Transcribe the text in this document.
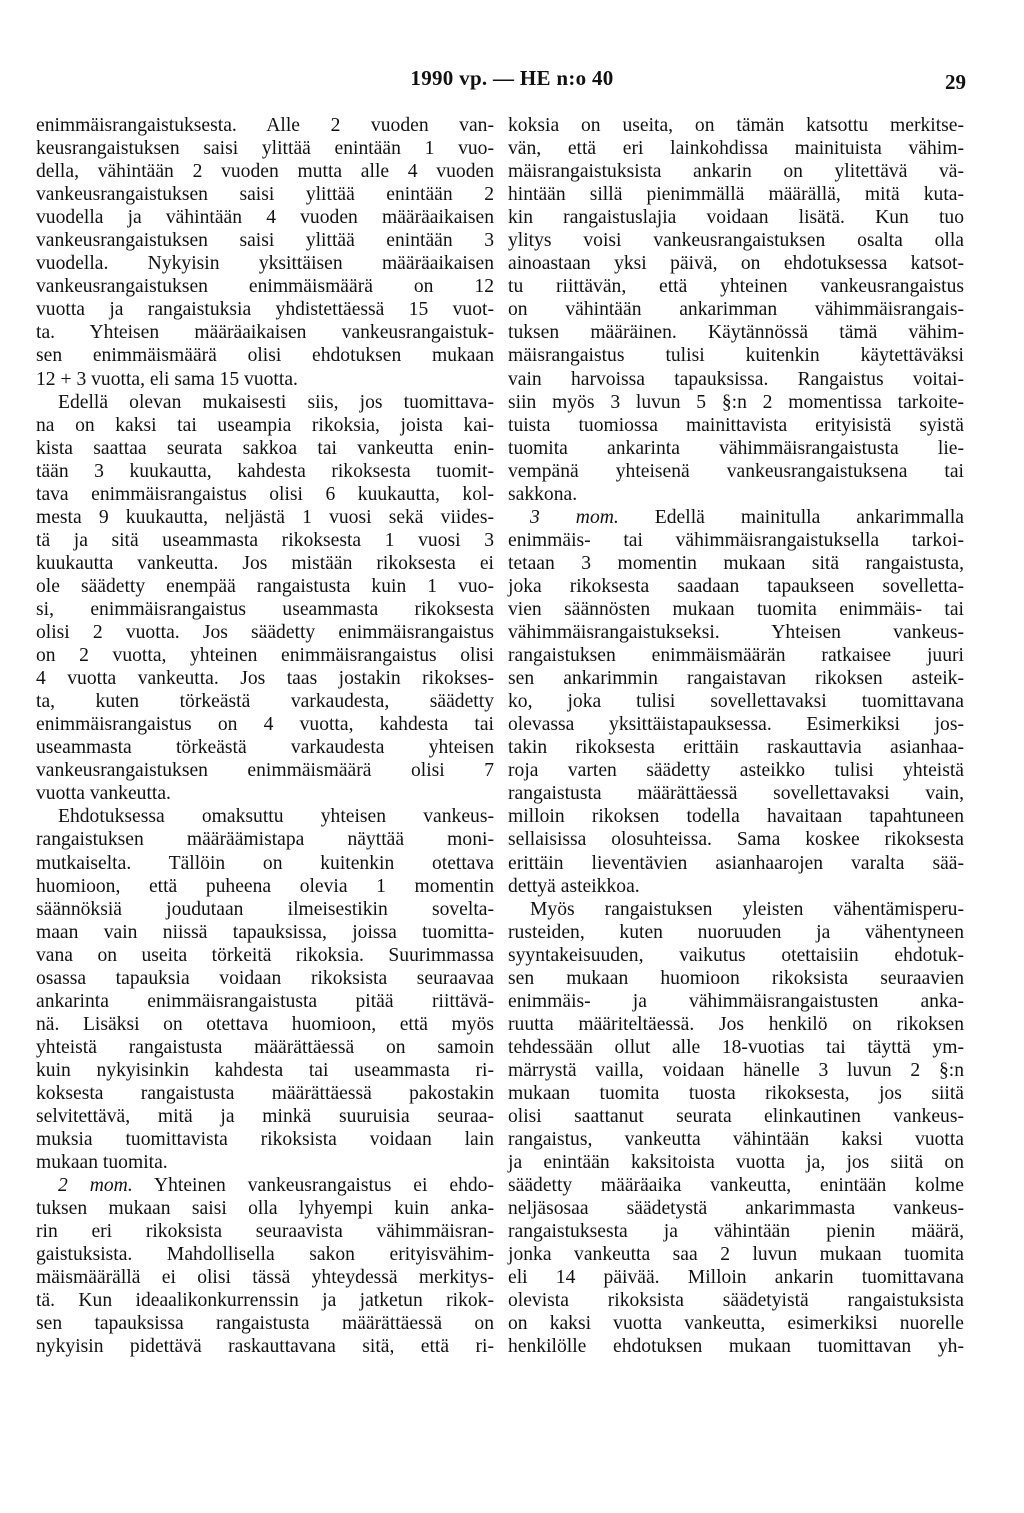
1990 vp. — HE n:o 40	29
enimmäisrangaistuksesta. Alle 2 vuoden van-
keusrangaistuksen saisi ylittää enintään 1 vuo-
della, vähintään 2 vuoden mutta alle 4 vuoden
vankeusrangaistuksen saisi ylittää enintään 2
vuodella ja vähintään 4 vuoden määräaikaisen
vankeusrangaistuksen saisi ylittää enintään 3
vuodella. Nykyisin yksittäisen määräaikaisen
vankeusrangaistuksen enimmäismäärä on 12
vuotta ja rangaistuksia yhdistettäessä 15 vuot-
ta. Yhteisen määräaikaisen vankeusrangaistuk-
sen enimmäismäärä olisi ehdotuksen mukaan
12 + 3 vuotta, eli sama 15 vuotta.
Edellä olevan mukaisesti siis, jos tuomittava-
na on kaksi tai useampia rikoksia, joista kai-
kista saattaa seurata sakkoa tai vankeutta enin-
tään 3 kuukautta, kahdesta rikoksesta tuomit-
tava enimmäisrangaistus olisi 6 kuukautta, kol-
mesta 9 kuukautta, neljästä 1 vuosi sekä viides-
tä ja sitä useammasta rikoksesta 1 vuosi 3
kuukautta vankeutta. Jos mistään rikoksesta ei
ole säädetty enempää rangaistusta kuin 1 vuo-
si, enimmäisrangaistus useammasta rikoksesta
olisi 2 vuotta. Jos säädetty enimmäisrangaistus
on 2 vuotta, yhteinen enimmäisrangaistus olisi
4 vuotta vankeutta. Jos taas jostakin rikokses-
ta, kuten törkeästä varkaudesta, säädetty
enimmäisrangaistus on 4 vuotta, kahdesta tai
useammasta törkeästä varkaudesta yhteisen
vankeusrangaistuksen enimmäismäärä olisi 7
vuotta vankeutta.
Ehdotuksessa omaksuttu yhteisen vankeus-
rangaistuksen määräämistapa näyttää moni-
mutkaiselta. Tällöin on kuitenkin otettava
huomioon, että puheena olevia 1 momentin
säännöksiä joudutaan ilmeisestikin sovelta-
maan vain niissä tapauksissa, joissa tuomitta-
vana on useita törkeitä rikoksia. Suurimmassa
osassa tapauksia voidaan rikoksista seuraavaa
ankarinta enimmäisrangaistusta pitää riittävä-
nä. Lisäksi on otettava huomioon, että myös
yhteistä rangaistusta määrättäessä on samoin
kuin nykyisinkin kahdesta tai useammasta ri-
koksesta rangaistusta määrättäessä pakostakin
selvitettävä, mitä ja minkä suuruisia seuraa-
muksia tuomittavista rikoksista voidaan lain
mukaan tuomita.
2 mom. Yhteinen vankeusrangaistus ei ehdo-
tuksen mukaan saisi olla lyhyempi kuin anka-
rin eri rikoksista seuraavista vähimmäisran-
gaistuksista. Mahdollisella sakon erityisvähim-
mäismäärällä ei olisi tässä yhteydessä merkitys-
tä. Kun ideaalikonkurrenssin ja jatketun rikok-
sen tapauksissa rangaistusta määrättäessä on
nykyisin pidettävä raskauttavana sitä, että ri-
koksia on useita, on tämän katsottu merkitse-
vän, että eri lainkohdissa mainituista vähim-
mäisrangaistuksista ankarin on ylitettävä vä-
hintään sillä pienimmällä määrällä, mitä kuta-
kin rangaistuslajia voidaan lisätä. Kun tuo
ylitys voisi vankeusrangaistuksen osalta olla
ainoastaan yksi päivä, on ehdotuksessa katsot-
tu riittävän, että yhteinen vankeusrangaistus
on vähintään ankarimman vähimmäisrangais-
tuksen määräinen. Käytännössä tämä vähim-
mäisrangaistus tulisi kuitenkin käytettäväksi
vain harvoissa tapauksissa. Rangaistus voitai-
siin myös 3 luvun 5 §:n 2 momentissa tarkoite-
tuista tuomiossa mainittavista erityisistä syistä
tuomita ankarinta vähimmäisrangaistusta lie-
vempänä yhteisenä vankeusrangaistuksena tai
sakkona.
3 mom. Edellä mainitulla ankarimmalla
enimmäis- tai vähimmäisrangaistuksella tarkoi-
tetaan 3 momentin mukaan sitä rangaistusta,
joka rikoksesta saadaan tapaukseen sovelletta-
vien säännösten mukaan tuomita enimmäis- tai
vähimmäisrangaistukseksi. Yhteisen vankeus-
rangaistuksen enimmäismäärän ratkaisee juuri
sen ankarimmin rangaistavan rikoksen asteik-
ko, joka tulisi sovellettavaksi tuomittavana
olevassa yksittäistapauksessa. Esimerkiksi jos-
takin rikoksesta erittäin raskauttavia asianhaa-
roja varten säädetty asteikko tulisi yhteistä
rangaistusta määrättäessä sovellettavaksi vain,
milloin rikoksen todella havaitaan tapahtuneen
sellaisissa olosuhteissa. Sama koskee rikoksesta
erittäin lieventävien asianhaarojen varalta sää-
dettyä asteikkoa.
Myös rangaistuksen yleisten vähentämisperu-
rusteiden, kuten nuoruuden ja vähentyneen
syyntakeisuuden, vaikutus otettaisiin ehdotuk-
sen mukaan huomioon rikoksista seuraavien
enimmäis- ja vähimmäisrangaistusten anka-
ruutta määriteltäessä. Jos henkilö on rikoksen
tehdessään ollut alle 18-vuotias tai täyttä ym-
märrystä vailla, voidaan hänelle 3 luvun 2 §:n
mukaan tuomita tuosta rikoksesta, jos siitä
olisi saattanut seurata elinkautinen vankeus-
rangaistus, vankeutta vähintään kaksi vuotta
ja enintään kaksitoista vuotta ja, jos siitä on
säädetty määräaika vankeutta, enintään kolme
neljäsosaa säädetystä ankarimmasta vankeus-
rangaistuksesta ja vähintään pienin määrä,
jonka vankeutta saa 2 luvun mukaan tuomita
eli 14 päivää. Milloin ankarin tuomittavana
olevista rikoksista säädetyistä rangaistuksista
on kaksi vuotta vankeutta, esimerkiksi nuorelle
henkilölle ehdotuksen mukaan tuomittavan yh-
